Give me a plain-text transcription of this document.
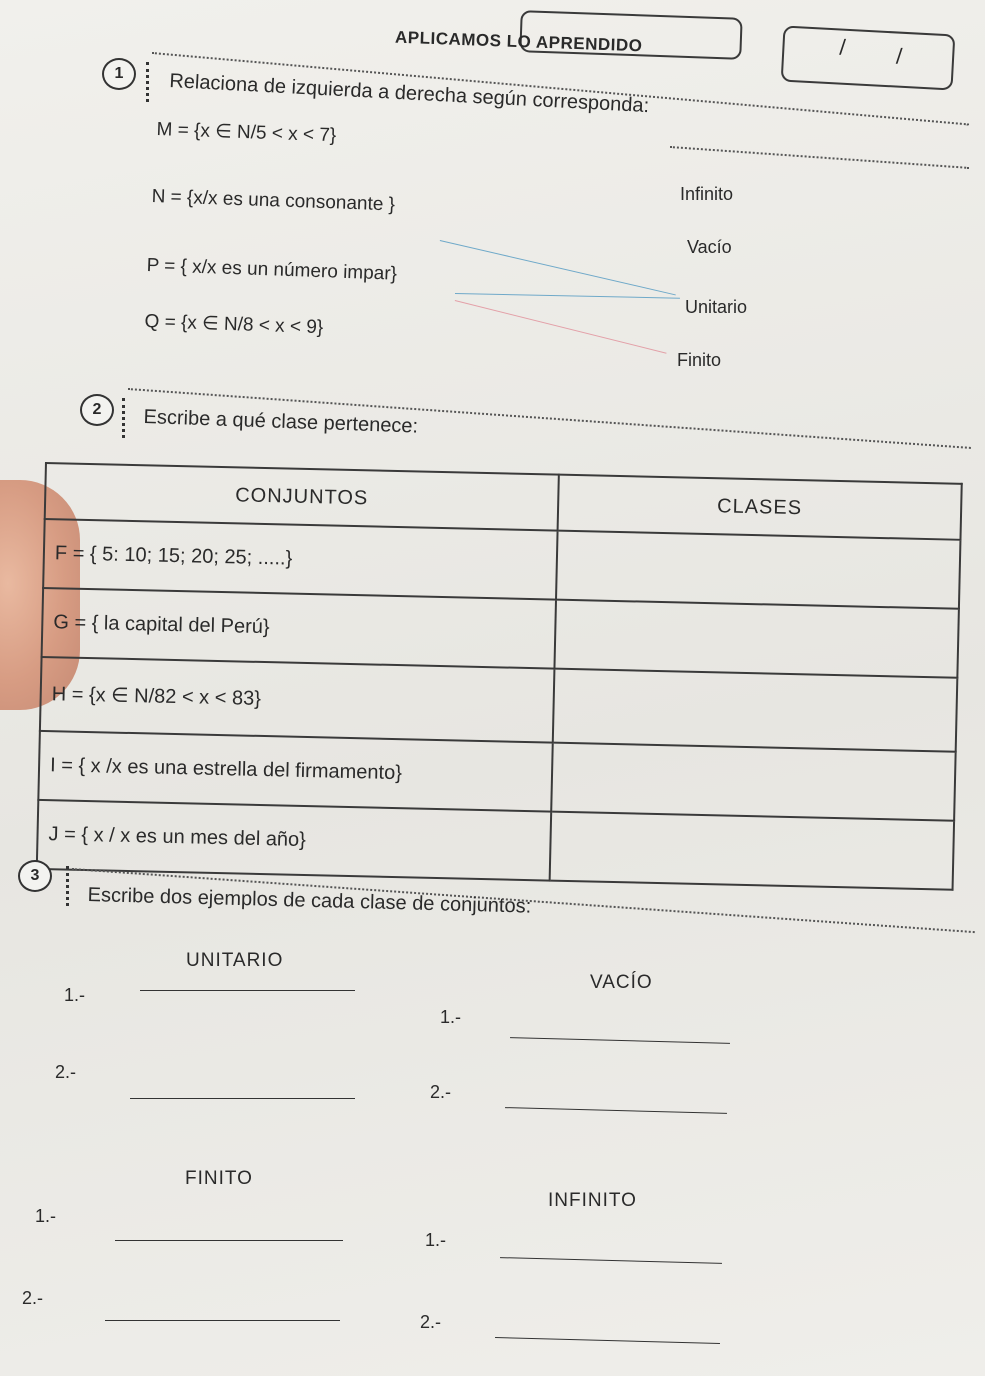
/ /
APLICAMOS LO APRENDIDO
1	Relaciona de izquierda a derecha según corresponda:
M = {x ∈ N/5 < x < 7}
N = {x/x es una consonante }
P = { x/x es un número impar}
Q = {x ∈ N/8 < x < 9}
Infinito
Vacío
Unitario
Finito
2	Escribe a qué clase pertenece:
CONJUNTOS	CLASES
F = { 5: 10; 15; 20; 25; .....}	
G = { la capital del Perú}	
H = {x ∈ N/82 < x < 83}	
I = { x /x es una estrella del firmamento}	
J = { x / x es un mes del año}	
3
Escribe dos ejemplos de cada clase de conjuntos:
UNITARIO
VACÍO
1.-
1.-
2.-
2.-
FINITO
INFINITO
1.-
1.-
2.-
2.-
